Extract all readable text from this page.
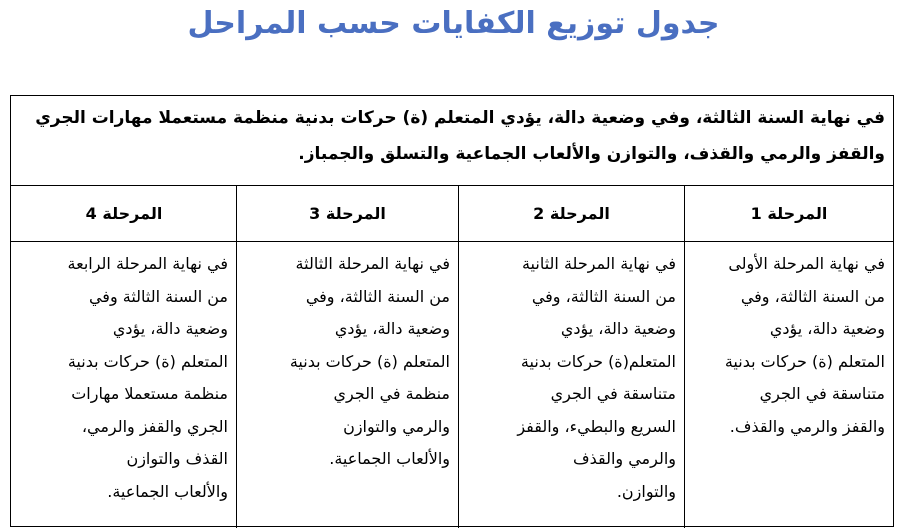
جدول توزيع الكفايات حسب المراحل
في نهاية السنة الثالثة، وفي وضعية دالة، يؤدي المتعلم (ة) حركات بدنية منظمة مستعملا مهارات الجري والقفز والرمي والقذف، والتوازن والألعاب الجماعية والتسلق والجمباز.
المرحلة 1
المرحلة 2
المرحلة 3
المرحلة 4
في نهاية المرحلة الأولى
من السنة الثالثة، وفي
وضعية دالة، يؤدي
المتعلم (ة) حركات بدنية
متناسقة في الجري
والقفز والرمي والقذف.
في نهاية المرحلة الثانية
من السنة الثالثة، وفي
وضعية دالة، يؤدي
المتعلم(ة) حركات بدنية
متناسقة في الجري
السريع والبطيء، والقفز
والرمي والقذف
والتوازن.
في نهاية المرحلة الثالثة
من السنة الثالثة، وفي
وضعية دالة، يؤدي
المتعلم (ة) حركات بدنية
منظمة في الجري
والرمي والتوازن
والألعاب الجماعية.
في نهاية المرحلة الرابعة
من السنة الثالثة وفي
وضعية دالة، يؤدي
المتعلم (ة) حركات بدنية
منظمة مستعملا مهارات
الجري والقفز والرمي،
القذف والتوازن
والألعاب الجماعية.
